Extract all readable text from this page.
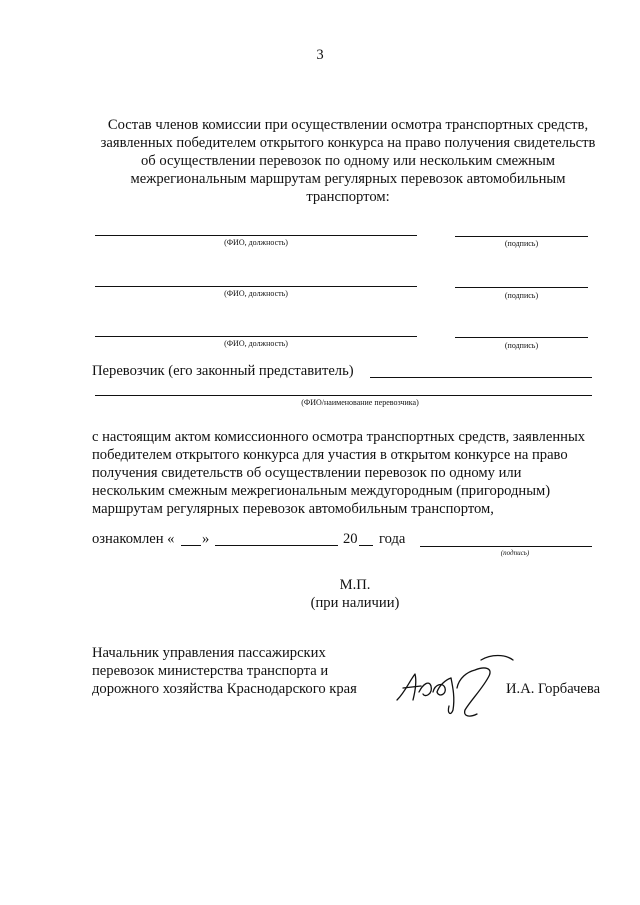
3
Состав членов комиссии при осуществлении осмотра транспортных средств,
заявленных победителем открытого конкурса на право получения свидетельств
об осуществлении перевозок по одному или нескольким смежным
межрегиональным маршрутам регулярных перевозок автомобильным
транспортом:
(ФИО, должность)	(подпись)
(ФИО, должность)	(подпись)
(ФИО, должность)	(подпись)
Перевозчик (его законный представитель)
(ФИО/наименование перевозчика)
с настоящим актом комиссионного осмотра транспортных средств, заявленных
победителем открытого конкурса для участия в открытом конкурсе на право
получения свидетельств об осуществлении перевозок по одному или
нескольким смежным межрегиональным междугородным (пригородным)
маршрутам регулярных перевозок автомобильным транспортом,
ознакомлен « »	20 года
(подпись)
М.П.
(при наличии)
Начальник управления пассажирских
перевозок министерства транспорта и
дорожного хозяйства Краснодарского края	И.А. Горбачева
